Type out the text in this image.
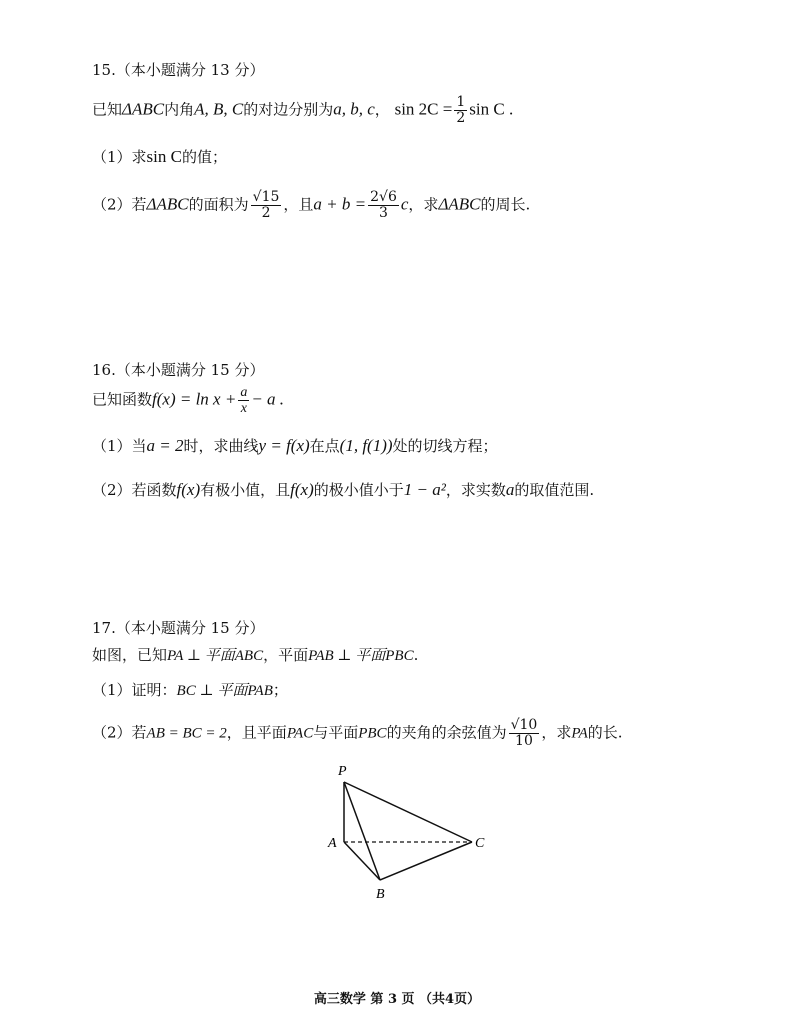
15.（本小题满分 13 分）
已知ΔABC内角A, B, C的对边分别为a, b, c， $\sin 2C = \frac{1}{2}$ sin C .
（1）求sin C的值；
（2）若ΔABC的面积为 $\frac{√15}{2}$ ，且$a + b = \frac{2√6}{3}$ c，求ΔABC的周长.
16.（本小题满分 15 分）
已知函数$f(x) = \ln x + \frac{a}{x} - a$ .
（1）当a = 2时，求曲线y = f(x)在点(1, f(1))处的切线方程；
（2）若函数f(x)有极小值，且f(x)的极小值小于1 − a²，求实数a的取值范围.
17.（本小题满分 15 分）
如图，已知PA ⊥ 平面ABC，平面PAB ⊥ 平面PBC.
（1）证明：BC ⊥ 平面PAB；
（2）若AB = BC = 2，且平面PAC与平面PBC的夹角的余弦值为 $\frac{√10}{10}$ ，求PA的长.
P
A
B
C
高三数学 第 3 页 （共4页）
